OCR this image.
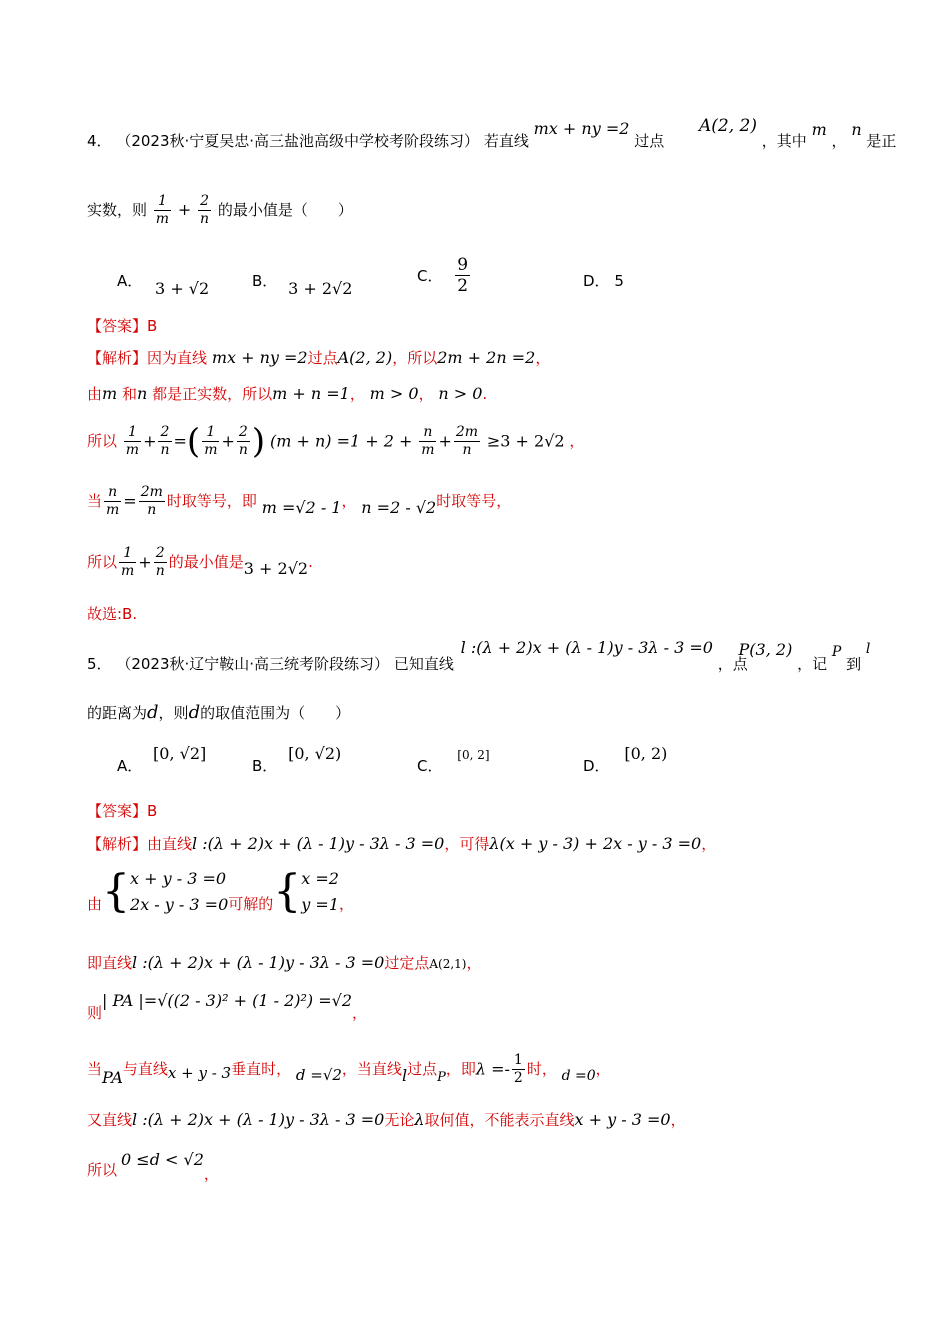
4． （2023秋·宁夏吴忠·高三盐池高级中学校考阶段练习） 若直线 mx + ny =2 过点 A(2, 2) ，其中 m ， n 是正
实数，则 $\frac{1}{m} + \frac{2}{n}$ 的最小值是（　　）
A． 3 + √2	B． 3 + 2√2
C． $\frac{9}{2}$	D． 5
【答案】B
【解析】因为直线 mx + ny =2过点A(2, 2)，所以2m + 2n =2，
由m 和n 都是正实数，所以m + n =1， m > 0， n > 0.
所以 $\frac{1}{m} + \frac{2}{n}$ =( $\frac{1}{m} + \frac{2}{n}$ ) $(m + n) =1 + 2 + \frac{n}{m} + \frac{2m}{n} \ge 3 + 2√2$ ，
当 $\frac{n}{m} = \frac{2m}{n}$ 时取等号，即 m =√2 - 1， n =2 - √2时取等号，
所以 $\frac{1}{m} + \frac{2}{n}$ 的最小值是3 + 2√2.
故选:B.
5． （2023秋·辽宁鞍山·高三统考阶段练习） 已知直线 l :(λ + 2)x + (λ - 1)y - 3λ - 3 =0 ，点 P(3, 2) ，记 P 到 l
的距离为d，则d的取值范围为（　　）
A． [0, √2]
B． [0, √2)
C． [0, 2]
D． [0, 2)
【答案】B
【解析】由直线l :(λ + 2)x + (λ - 1)y - 3λ - 3 =0，可得λ(x + y - 3) + 2x - y - 3 =0，
由{ x + y - 3 =0
2x - y - 3 =0 可解的{ x =2
y =1 ，
即直线l :(λ + 2)x + (λ - 1)y - 3λ - 3 =0过定点A(2,1)，
则| PA |=√((2 - 3)² + (1 - 2)²) =√2，
当PA与直线x + y - 3垂直时， d =√2，当直线l过点P，即$\lambda =- \frac{1}{2}$ 时， d =0，
又直线l :(λ + 2)x + (λ - 1)y - 3λ - 3 =0无论λ取何值，不能表示直线x + y - 3 =0，
所以0 ≤d < √2，
